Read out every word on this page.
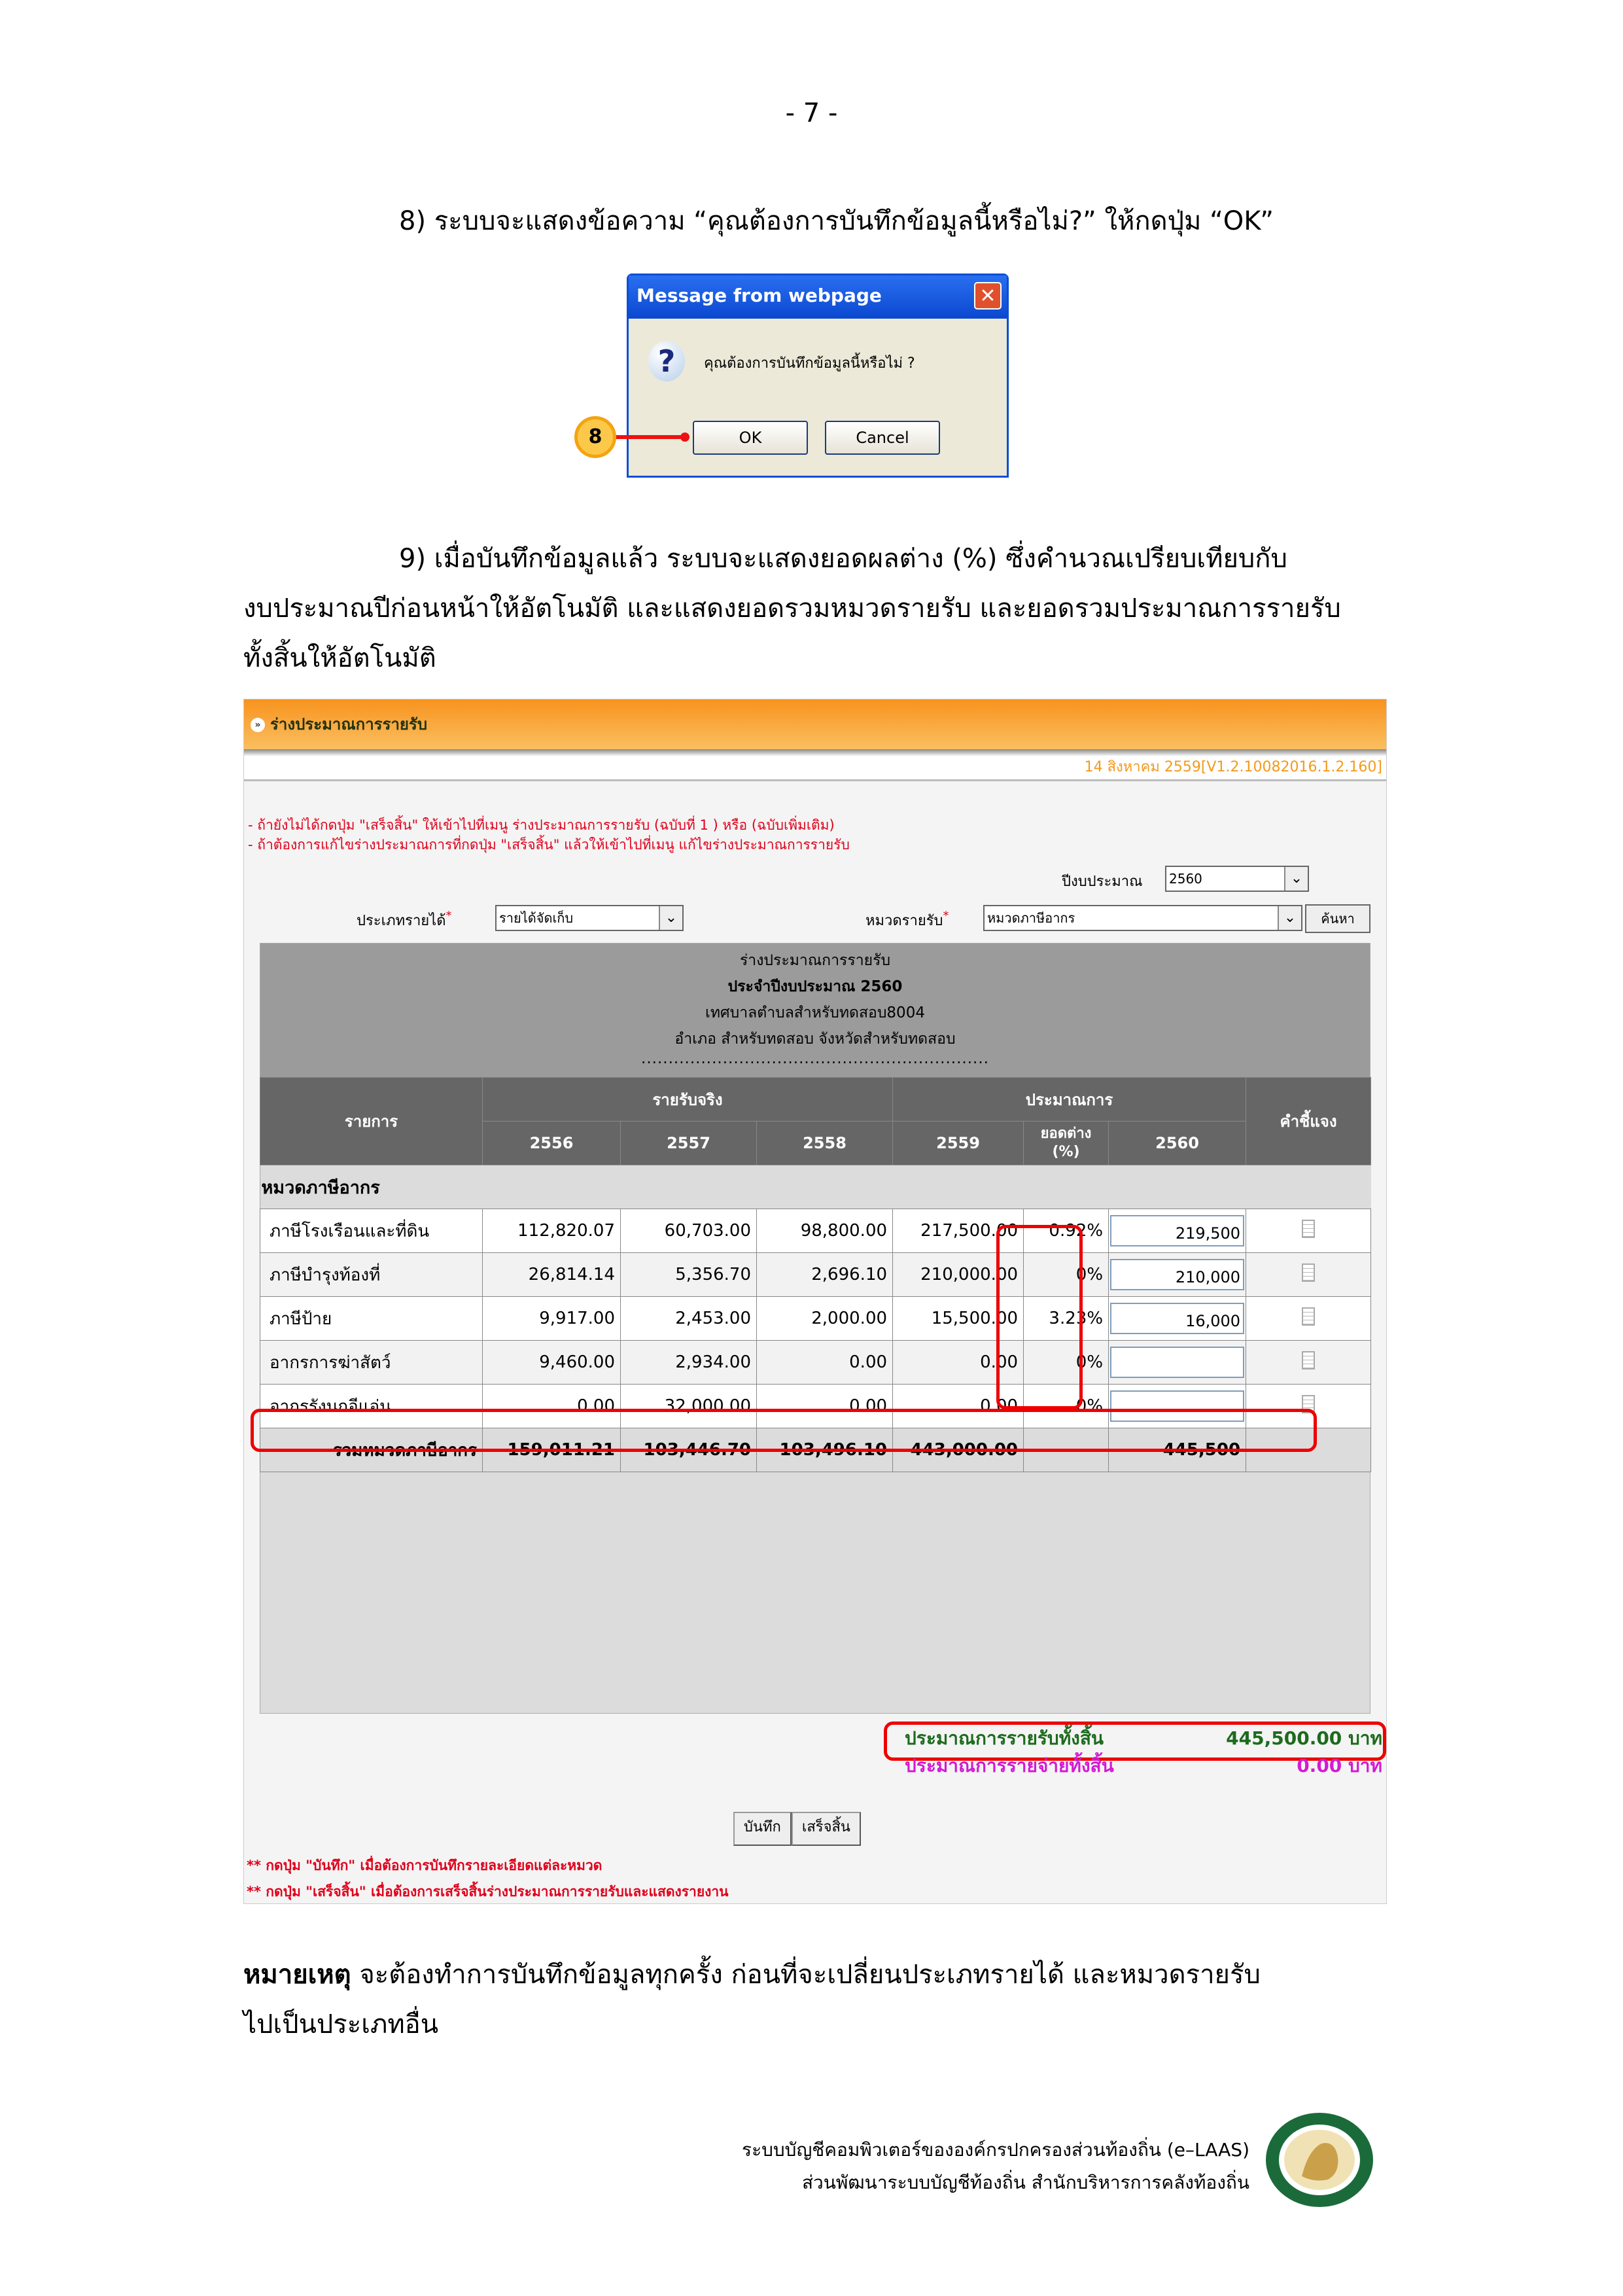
- 7 -
8) ระบบจะแสดงข้อความ “คุณต้องการบันทึกข้อมูลนี้หรือไม่?” ให้กดปุ่ม “OK”
Message from webpage	✕
?	คุณต้องการบันทึกข้อมูลนี้หรือไม่ ?
OK	Cancel
8
9) เมื่อบันทึกข้อมูลแล้ว ระบบจะแสดงยอดผลต่าง (%) ซึ่งคำนวณเปรียบเทียบกับ
งบประมาณปีก่อนหน้าให้อัตโนมัติ และแสดงยอดรวมหมวดรายรับ และยอดรวมประมาณการรายรับ
ทั้งสิ้นให้อัตโนมัติ
» ร่างประมาณการรายรับ
14 สิงหาคม 2559[V1.2.10082016.1.2.160]
- ถ้ายังไม่ได้กดปุ่ม "เสร็จสิ้น" ให้เข้าไปที่เมนู ร่างประมาณการรายรับ (ฉบับที่ 1 ) หรือ (ฉบับเพิ่มเติม)
- ถ้าต้องการแก้ไขร่างประมาณการที่กดปุ่ม "เสร็จสิ้น" แล้วให้เข้าไปที่เมนู แก้ไขร่างประมาณการรายรับ
ปีงบประมาณ	2560	⌄
ประเภทรายได้*	รายได้จัดเก็บ	⌄	หมวดรายรับ*	หมวดภาษีอากร	⌄	ค้นหา
ร่างประมาณการรายรับ
ประจำปีงบประมาณ 2560
เทศบาลตำบลสำหรับทดสอบ8004
อำเภอ สำหรับทดสอบ จังหวัดสำหรับทดสอบ
................................................................
รายการ	รายรับจริง			ประมาณการ			คำชี้แจง
	2556	2557	2558	2559	ยอดต่าง (%)	2560	
หมวดภาษีอากร							
ภาษีโรงเรือนและที่ดิน	112,820.07	60,703.00	98,800.00	217,500.00	0.92%	219,500	

ภาษีบำรุงท้องที่	26,814.14	5,356.70	2,696.10	210,000.00	0%	210,000	

ภาษีป้าย	9,917.00	2,453.00	2,000.00	15,500.00	3.23%	16,000	

อากรการฆ่าสัตว์	9,460.00	2,934.00	0.00	0.00	0%	

อากรรังนกอีแอ่น	0.00	32,000.00	0.00	0.00	0%	

รวมหมวดภาษีอากร	159,011.21	103,446.70	103,496.10	443,000.00		445,500	
ประมาณการรายรับทั้งสิ้น	445,500.00 บาท
ประมาณการรายจ่ายทั้งสิ้น	0.00 บาท
บันทึก เสร็จสิ้น
** กดปุ่ม "บันทึก" เมื่อต้องการบันทึกรายละเอียดแต่ละหมวด
** กดปุ่ม "เสร็จสิ้น" เมื่อต้องการเสร็จสิ้นร่างประมาณการรายรับและแสดงรายงาน
หมายเหตุ จะต้องทำการบันทึกข้อมูลทุกครั้ง ก่อนที่จะเปลี่ยนประเภทรายได้ และหมวดรายรับ
ไปเป็นประเภทอื่น
ระบบบัญชีคอมพิวเตอร์ขององค์กรปกครองส่วนท้องถิ่น (e–LAAS)
ส่วนพัฒนาระบบบัญชีท้องถิ่น สำนักบริหารการคลังท้องถิ่น
